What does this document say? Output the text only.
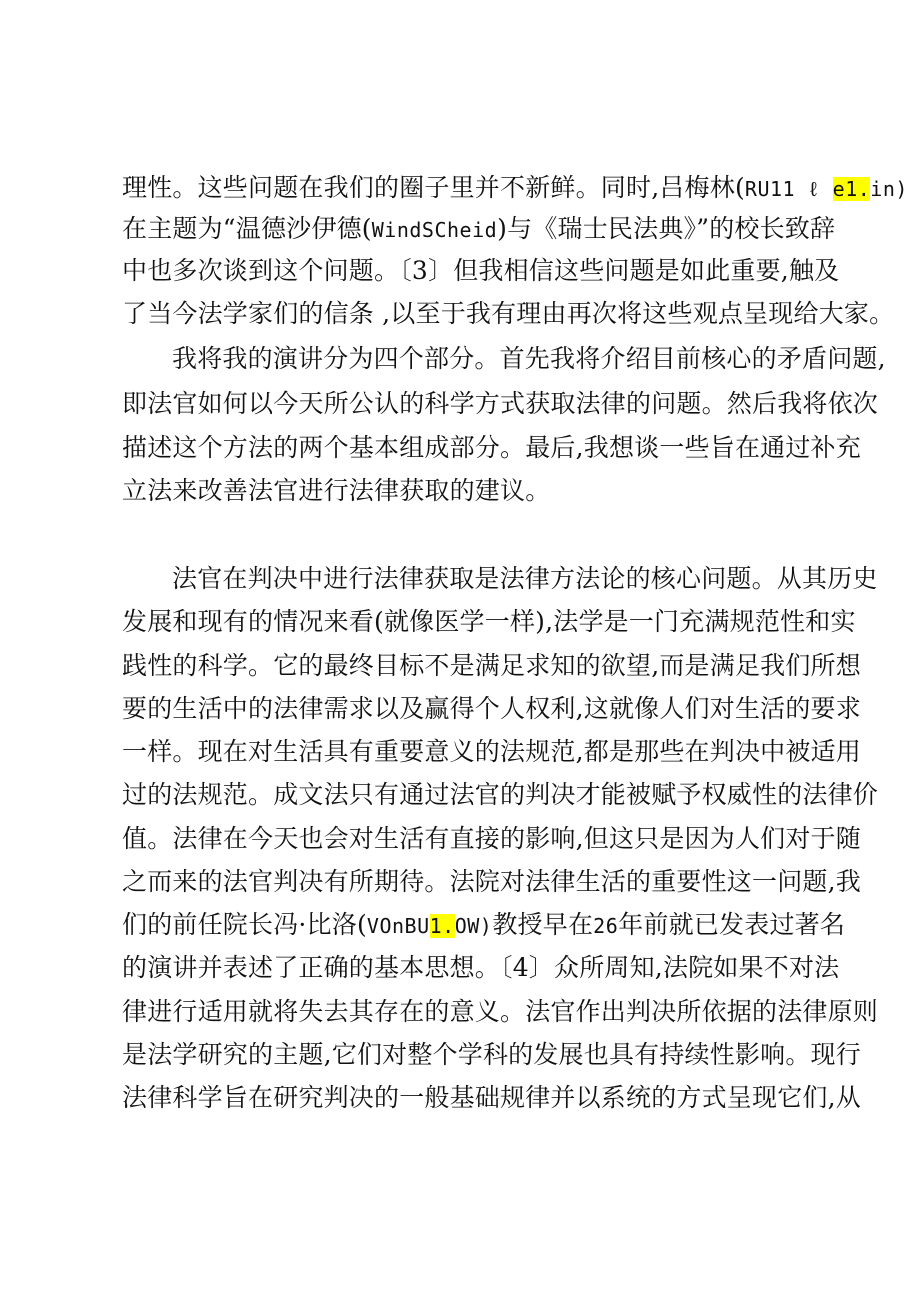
理性。这些问题在我们的圈子里并不新鲜。同时,吕梅林(RU11 ℓ e1.in)
在主题为“温德沙伊德(WindSCheid)与《瑞士民法典》”的校长致辞
中也多次谈到这个问题。〔3〕但我相信这些问题是如此重要,触及
了当今法学家们的信条 ,以至于我有理由再次将这些观点呈现给大家。
我将我的演讲分为四个部分。首先我将介绍目前核心的矛盾问题,
即法官如何以今天所公认的科学方式获取法律的问题。然后我将依次
描述这个方法的两个基本组成部分。最后,我想谈一些旨在通过补充
立法来改善法官进行法律获取的建议。
法官在判决中进行法律获取是法律方法论的核心问题。从其历史
发展和现有的情况来看(就像医学一样),法学是一门充满规范性和实
践性的科学。它的最终目标不是满足求知的欲望,而是满足我们所想
要的生活中的法律需求以及赢得个人权利,这就像人们对生活的要求
一样。现在对生活具有重要意义的法规范,都是那些在判决中被适用
过的法规范。成文法只有通过法官的判决才能被赋予权威性的法律价
值。法律在今天也会对生活有直接的影响,但这只是因为人们对于随
之而来的法官判决有所期待。法院对法律生活的重要性这一问题,我
们的前任院长冯·比洛(VOnBU1.OW)教授早在26年前就已发表过著名
的演讲并表述了正确的基本思想。〔4〕众所周知,法院如果不对法
律进行适用就将失去其存在的意义。法官作出判决所依据的法律原则
是法学研究的主题,它们对整个学科的发展也具有持续性影响。现行
法律科学旨在研究判决的一般基础规律并以系统的方式呈现它们,从
